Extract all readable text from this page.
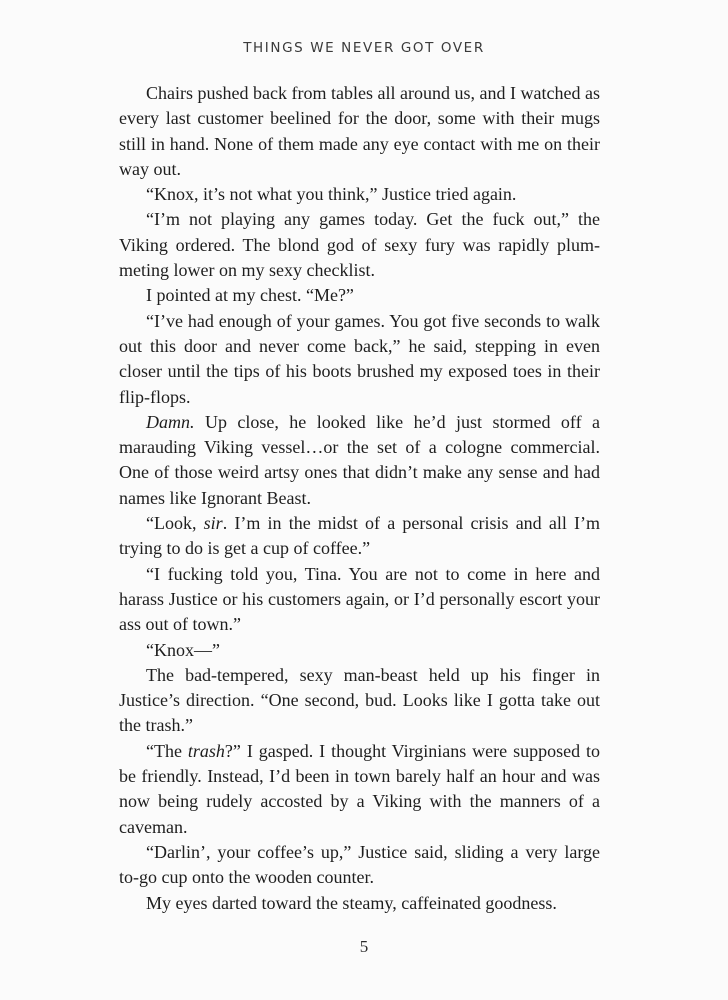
THINGS WE NEVER GOT OVER

Chairs pushed back from tables all around us, and I watched as every last customer beelined for the door, some with their mugs still in hand. None of them made any eye contact with me on their way out.

“Knox, it’s not what you think,” Justice tried again.

“I’m not playing any games today. Get the fuck out,” the Viking ordered. The blond god of sexy fury was rapidly plummeting lower on my sexy checklist.

I pointed at my chest. “Me?”

“I’ve had enough of your games. You got five seconds to walk out this door and never come back,” he said, stepping in even closer until the tips of his boots brushed my exposed toes in their flip-flops.

Damn. Up close, he looked like he’d just stormed off a marauding Viking vessel…or the set of a cologne commercial. One of those weird artsy ones that didn’t make any sense and had names like Ignorant Beast.

“Look, sir. I’m in the midst of a personal crisis and all I’m trying to do is get a cup of coffee.”

“I fucking told you, Tina. You are not to come in here and harass Justice or his customers again, or I’d personally escort your ass out of town.”

“Knox—”

The bad-tempered, sexy man-beast held up his finger in Justice’s direction. “One second, bud. Looks like I gotta take out the trash.”

“The trash?” I gasped. I thought Virginians were supposed to be friendly. Instead, I’d been in town barely half an hour and was now being rudely accosted by a Viking with the manners of a caveman.

“Darlin’, your coffee’s up,” Justice said, sliding a very large to-go cup onto the wooden counter.

My eyes darted toward the steamy, caffeinated goodness.

5
